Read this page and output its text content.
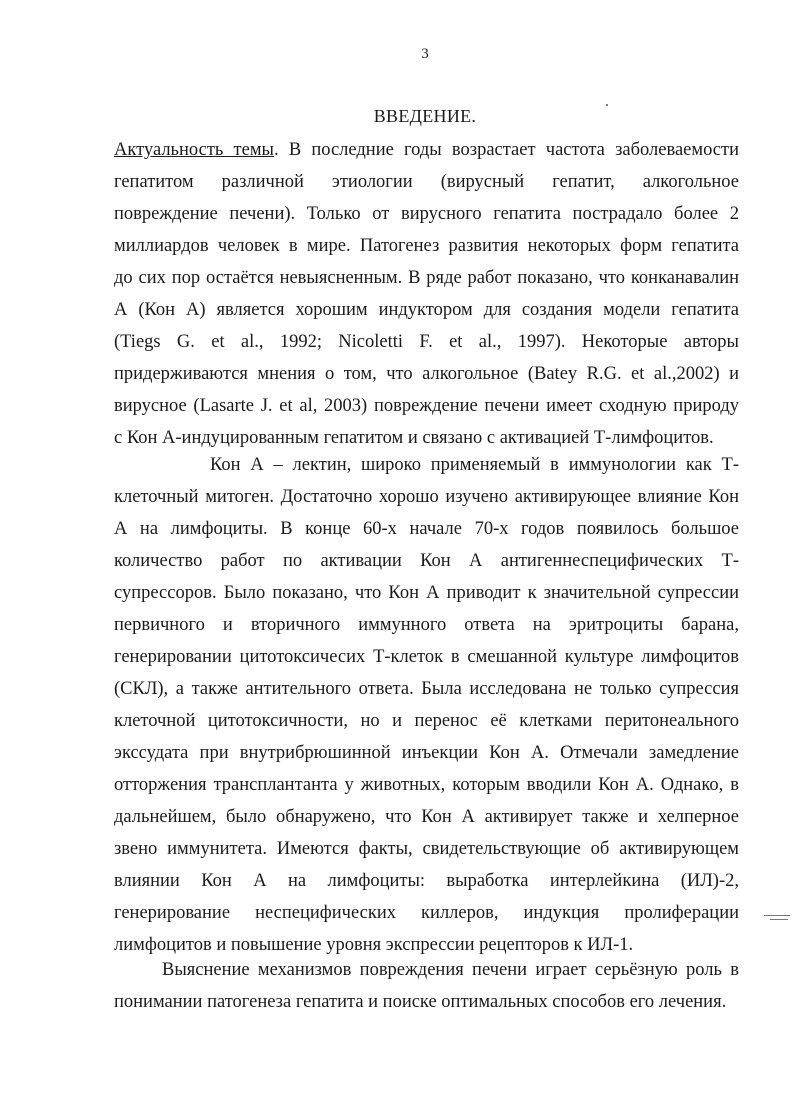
3
ВВЕДЕНИЕ.
Актуальность темы. В последние годы возрастает частота заболеваемости
гепатитом различной этиологии (вирусный гепатит, алкогольное
повреждение печени). Только от вирусного гепатита пострадало более 2
миллиардов человек в мире. Патогенез развития некоторых форм гепатита
до сих пор остаётся невыясненным. В ряде работ показано, что конканавалин
А (Кон А) является хорошим индуктором для создания модели гепатита
(Tiegs G. et al., 1992; Nicoletti F. et al., 1997). Некоторые авторы
придерживаются мнения о том, что алкогольное (Batey R.G. et al.,2002) и
вирусное (Lasarte J. et al, 2003) повреждение печени имеет сходную природу
с Кон А-индуцированным гепатитом и связано с активацией Т-лимфоцитов.
Кон А – лектин, широко применяемый в иммунологии как Т-
клеточный митоген. Достаточно хорошо изучено активирующее влияние Кон
А на лимфоциты. В конце 60-х начале 70-х годов появилось большое
количество работ по активации Кон А антигеннеспецифических Т-
супрессоров. Было показано, что Кон А приводит к значительной супрессии
первичного и вторичного иммунного ответа на эритроциты барана,
генерировании цитотоксичесих Т-клеток в смешанной культуре лимфоцитов
(СКЛ), а также антительного ответа. Была исследована не только супрессия
клеточной цитотоксичности, но и перенос её клетками перитонеального
экссудата при внутрибрюшинной инъекции Кон А. Отмечали замедление
отторжения трансплантанта у животных, которым вводили Кон А. Однако, в
дальнейшем, было обнаружено, что Кон А активирует также и хелперное
звено иммунитета. Имеются факты, свидетельствующие об активирующем
влиянии Кон А на лимфоциты: выработка интерлейкина (ИЛ)-2,
генерирование неспецифических киллеров, индукция пролиферации
лимфоцитов и повышение уровня экспрессии рецепторов к ИЛ-1.
Выяснение механизмов повреждения печени играет серьёзную роль в
понимании патогенеза гепатита и поиске оптимальных способов его лечения.
